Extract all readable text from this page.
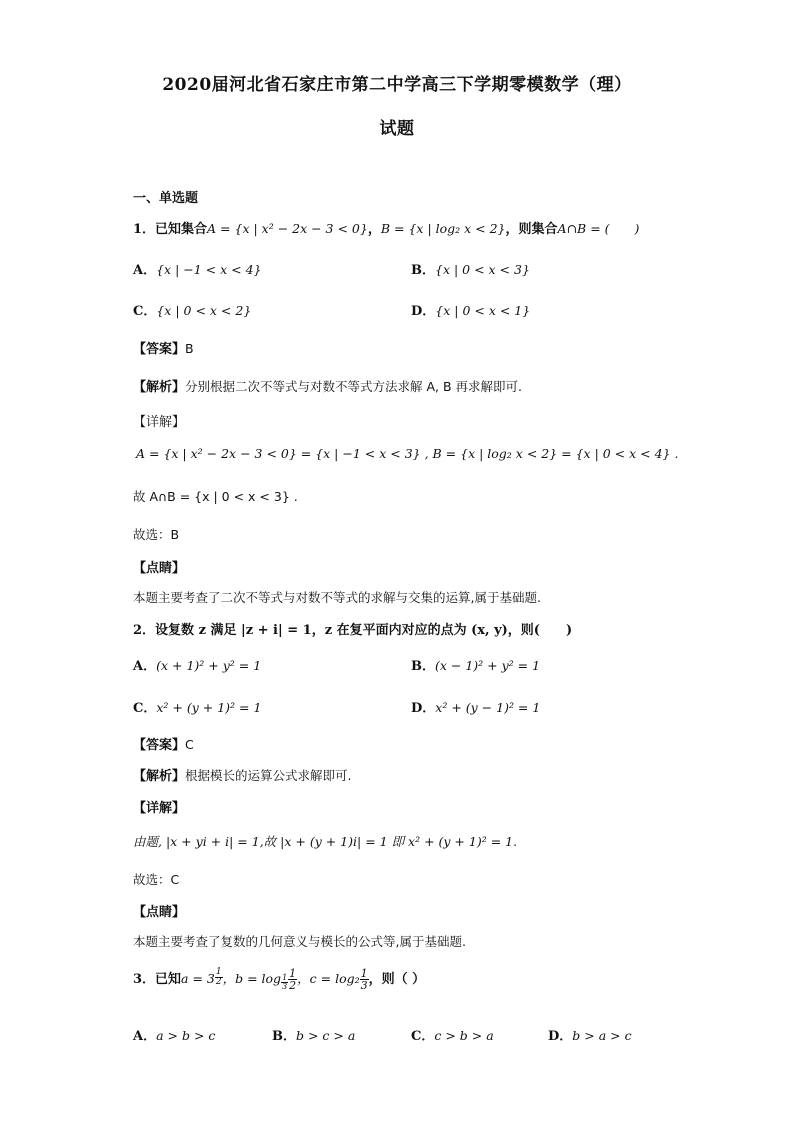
2020届河北省石家庄市第二中学高三下学期零模数学（理）
试题
一、单选题
1．已知集合A = {x | x² − 2x − 3 < 0}，B = {x | log₂ x < 2}，则集合A∩B = (　　)
A．{x | −1 < x < 4}	B．{x | 0 < x < 3}
C．{x | 0 < x < 2}	D．{x | 0 < x < 1}
【答案】B
【解析】分别根据二次不等式与对数不等式方法求解 A, B 再求解即可.
【详解】
A = {x | x² − 2x − 3 < 0} = {x | −1 < x < 3} , B = {x | log₂ x < 2} = {x | 0 < x < 4} .
故 A∩B = {x | 0 < x < 3} .
故选：B
【点睛】
本题主要考查了二次不等式与对数不等式的求解与交集的运算,属于基础题.
2．设复数 z 满足 |z + i| = 1，z 在复平面内对应的点为 (x, y)，则(　　)
A．(x + 1)² + y² = 1	B．(x − 1)² + y² = 1
C．x² + (y + 1)² = 1	D．x² + (y − 1)² = 1
【答案】C
【解析】根据模长的运算公式求解即可.
【详解】
由题, |x + yi + i| = 1,故 |x + (y + 1)i| = 1 即 x² + (y + 1)² = 1.
故选：C
【点睛】
本题主要考查了复数的几何意义与模长的公式等,属于基础题.
3．已知$a = 3 \frac{1}{2}$ ，$b = \log \frac{1}{3} \frac{1}{2}$ ，$c = \log_2 \frac{1}{3}$ ，则（ ）
A．a > b > c	B．b > c > a	C．c > b > a	D．b > a > c
